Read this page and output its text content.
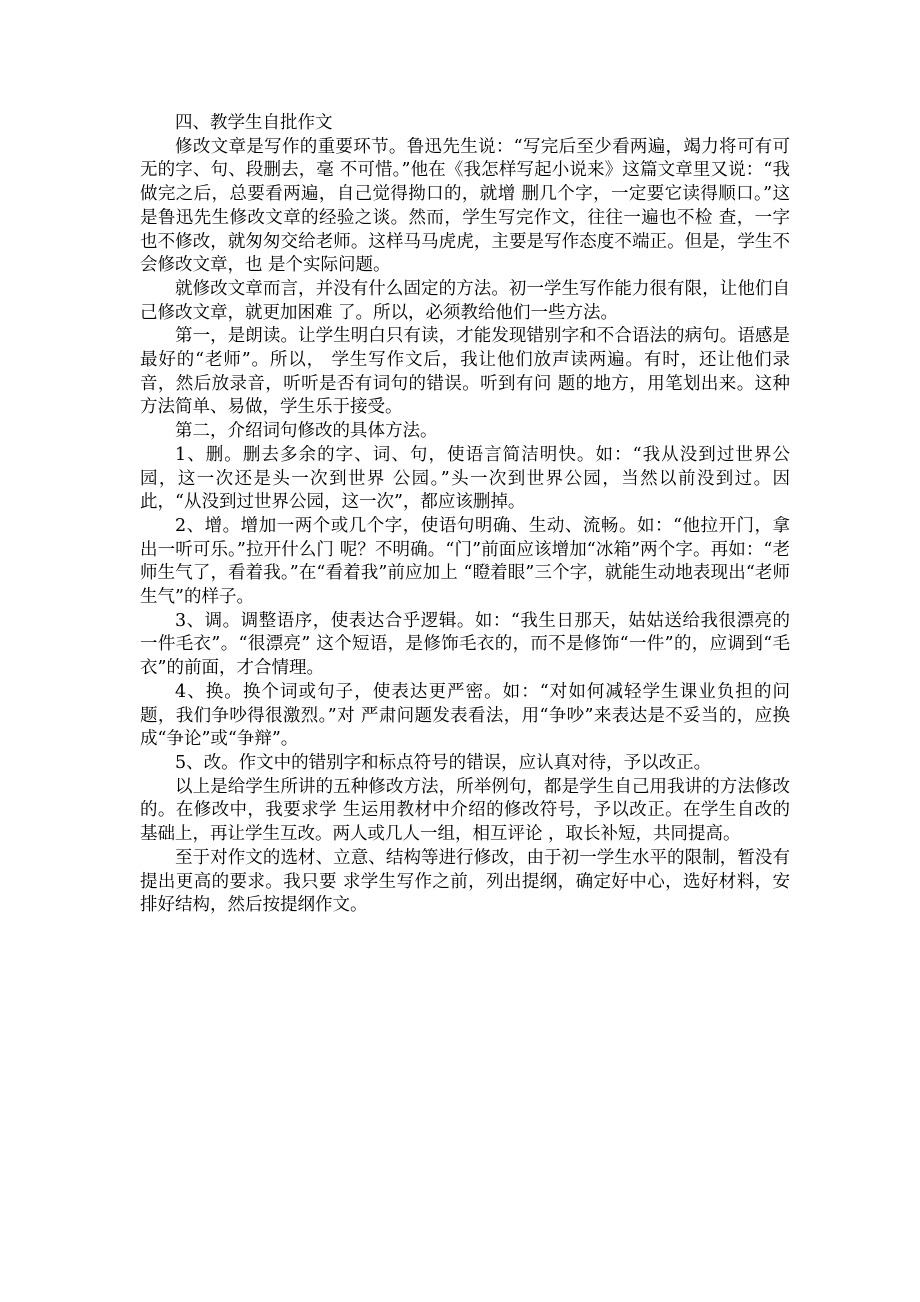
四、教学生自批作文

修改文章是写作的重要环节。鲁迅先生说：“写完后至少看两遍，竭力将可有可无的字、句、段删去，毫 不可惜。”他在《我怎样写起小说来》这篇文章里又说：“我做完之后，总要看两遍，自己觉得拗口的，就增 删几个字，一定要它读得顺口。”这是鲁迅先生修改文章的经验之谈。然而，学生写完作文，往往一遍也不检 查，一字也不修改，就匆匆交给老师。这样马马虎虎，主要是写作态度不端正。但是，学生不会修改文章，也 是个实际问题。

就修改文章而言，并没有什么固定的方法。初一学生写作能力很有限，让他们自己修改文章，就更加困难 了。所以，必须教给他们一些方法。

第一，是朗读。让学生明白只有读，才能发现错别字和不合语法的病句。语感是最好的“老师”。所以， 学生写作文后，我让他们放声读两遍。有时，还让他们录音，然后放录音，听听是否有词句的错误。听到有问 题的地方，用笔划出来。这种方法简单、易做，学生乐于接受。

第二，介绍词句修改的具体方法。

1、删。删去多余的字、词、句，使语言简洁明快。如：“我从没到过世界公园，这一次还是头一次到世界 公园。”头一次到世界公园，当然以前没到过。因此，“从没到过世界公园，这一次”，都应该删掉。

2、增。增加一两个或几个字，使语句明确、生动、流畅。如：“他拉开门，拿出一听可乐。”拉开什么门 呢？不明确。“门”前面应该增加“冰箱”两个字。再如：“老师生气了，看着我。”在“看着我”前应加上 “瞪着眼”三个字，就能生动地表现出“老师生气”的样子。

3、调。调整语序，使表达合乎逻辑。如：“我生日那天，姑姑送给我很漂亮的一件毛衣”。“很漂亮” 这个短语，是修饰毛衣的，而不是修饰“一件”的，应调到“毛衣”的前面，才合情理。

4、换。换个词或句子，使表达更严密。如：“对如何减轻学生课业负担的问题，我们争吵得很激烈。”对 严肃问题发表看法，用“争吵”来表达是不妥当的，应换成“争论”或“争辩”。

5、改。作文中的错别字和标点符号的错误，应认真对待，予以改正。

以上是给学生所讲的五种修改方法，所举例句，都是学生自己用我讲的方法修改的。在修改中，我要求学 生运用教材中介绍的修改符号，予以改正。在学生自改的基础上，再让学生互改。两人或几人一组，相互评论 ，取长补短，共同提高。

至于对作文的选材、立意、结构等进行修改，由于初一学生水平的限制，暂没有提出更高的要求。我只要 求学生写作之前，列出提纲，确定好中心，选好材料，安排好结构，然后按提纲作文。
